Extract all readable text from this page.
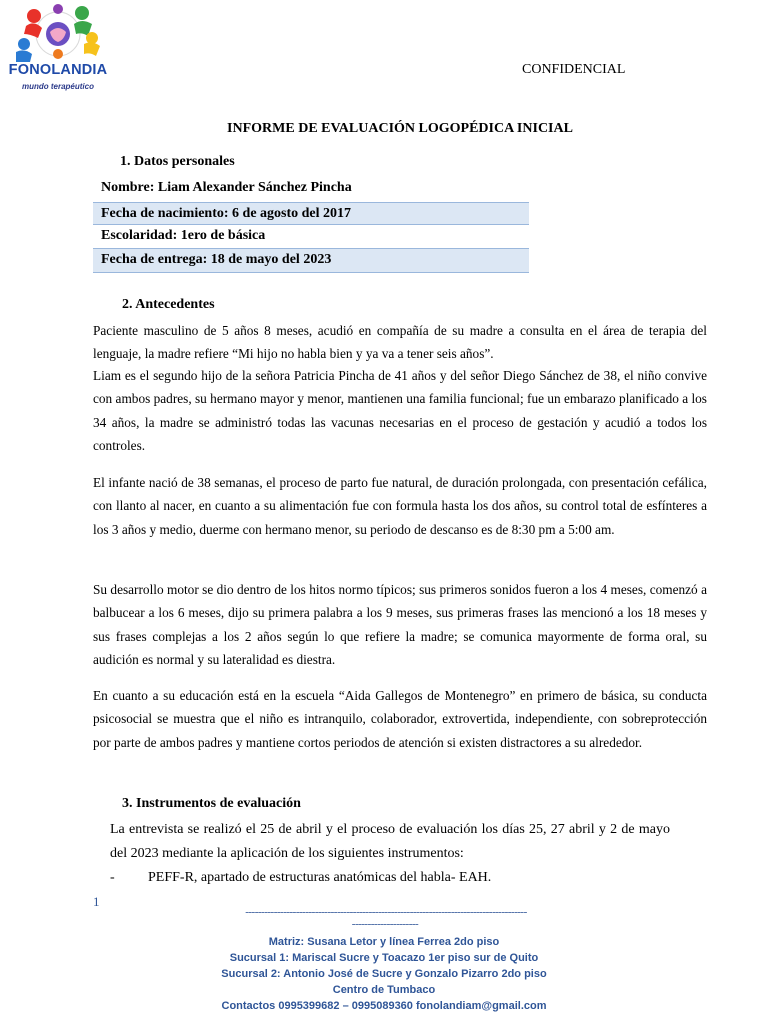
FONOLANDIA
mundo terapéutico
CONFIDENCIAL
INFORME DE EVALUACIÓN LOGOPÉDICA INICIAL
1. Datos personales
Nombre: Liam Alexander Sánchez Pincha
Fecha de nacimiento: 6 de agosto del 2017
Escolaridad: 1ero de básica
Fecha de entrega: 18 de mayo del 2023
2. Antecedentes
Paciente masculino de 5 años 8 meses, acudió en compañía de su madre a consulta en el área de terapia del lenguaje, la madre refiere “Mi hijo no habla bien y ya va a tener seis años”.
Liam es el segundo hijo de la señora Patricia Pincha de 41 años y del señor Diego Sánchez de 38, el niño convive con ambos padres, su hermano mayor y menor, mantienen una familia funcional; fue un embarazo planificado a los 34 años, la madre se administró todas las vacunas necesarias en el proceso de gestación y acudió a todos los controles.
El infante nació de 38 semanas, el proceso de parto fue natural, de duración prolongada, con presentación cefálica, con llanto al nacer, en cuanto a su alimentación fue con formula hasta los dos años, su control total de esfínteres a los 3 años y medio, duerme con hermano menor, su periodo de descanso es de 8:30 pm a 5:00 am.
Su desarrollo motor se dio dentro de los hitos normo típicos; sus primeros sonidos fueron a los 4 meses, comenzó a balbucear a los 6 meses, dijo su primera palabra a los 9 meses, sus primeras frases las mencionó a los 18 meses y sus frases complejas a los 2 años según lo que refiere la madre; se comunica mayormente de forma oral, su audición es normal y su lateralidad es diestra.
En cuanto a su educación está en la escuela “Aida Gallegos de Montenegro” en primero de básica, su conducta psicosocial se muestra que el niño es intranquilo, colaborador, extrovertida, independiente, con sobreprotección por parte de ambos padres y mantiene cortos periodos de atención si existen distractores a su alrededor.
3. Instrumentos de evaluación
La entrevista se realizó el 25 de abril y el proceso de evaluación los días 25, 27 abril y 2 de mayo del 2023 mediante la aplicación de los siguientes instrumentos:
- PEFF-R, apartado de estructuras anatómicas del habla- EAH.
1
-----------------------------------------------------------------------------------------
---------------------
Matriz: Susana Letor y línea Ferrea 2do piso
Sucursal 1: Mariscal Sucre y Toacazo 1er piso sur de Quito
Sucursal 2: Antonio José de Sucre y Gonzalo Pizarro 2do piso
Centro de Tumbaco
Contactos 0995399682 – 0995089360 fonolandiam@gmail.com
